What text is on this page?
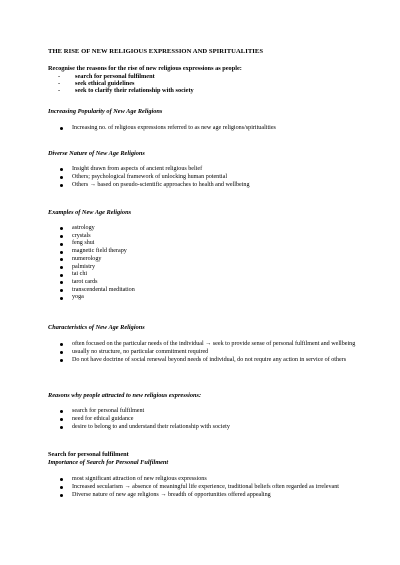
THE RISE OF NEW RELIGIOUS EXPRESSION AND SPIRITUALITIES
Recognise the reasons for the rise of new religious expressions as people:
-	search for personal fulfilment
-	seek ethical guidelines
-	seek to clarify their relationship with society
Increasing Popularity of New Age Religions
Increasing no. of religious expressions referred to as new age religions/spiritualities
Diverse Nature of New Age Religions
Insight drawn from aspects of ancient religious belief
Others; psychological framework of unlocking human potential
Others → based on pseudo-scientific approaches to health and wellbeing
Examples of New Age Religions
astrology
crystals
feng shui
magnetic field therapy
numerology
palmistry
tai chi
tarot cards
transcendental meditation
yoga
Characteristics of New Age Religions
often focused on the particular needs of the individual → seek to provide sense of personal fulfilment and wellbeing
usually no structure, no particular commitment required
Do not have doctrine of social renewal beyond needs of individual, do not require any action in service of others
Reasons why people attracted to new religious expressions:
search for personal fulfilment
need for ethical guidance
desire to belong to and understand their relationship with society
Search for personal fulfilment
Importance of Search for Personal Fulfilment
most significant attraction of new religious expressions
Increased secularism → absence of meaningful life experience, traditional beliefs often regarded as irrelevant
Diverse nature of new age religions → breadth of opportunities offered appealing
